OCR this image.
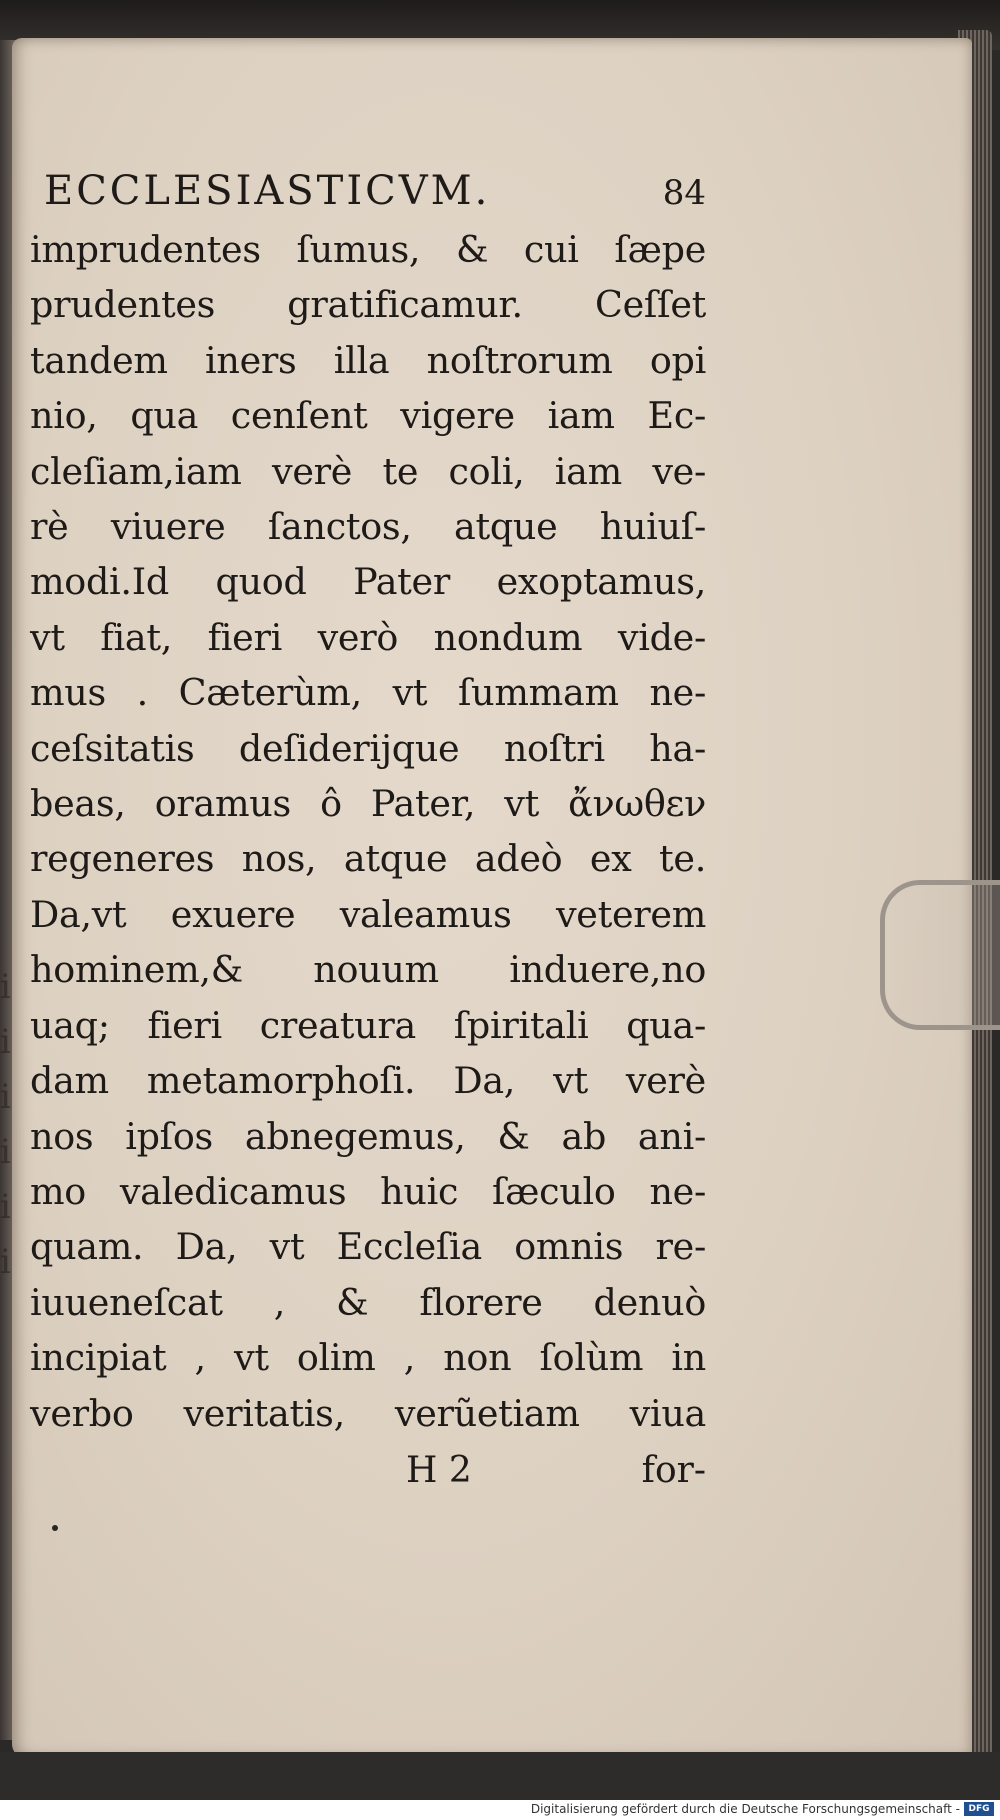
i
i
i
i
i
i
ECCLESIASTICVM.	84
imprudentes ſumus, & cui ſæpe
prudentes gratificamur. Ceſſet
tandem iners illa noſtrorum opi
nio, qua cenſent vigere iam Ec-
cleſiam,iam verè te coli, iam ve-
rè viuere ſanctos, atque huiuſ-
modi.Id quod Pater exoptamus,
vt fiat, fieri verò nondum vide-
mus . Cæterùm, vt ſummam ne-
ceſsitatis deſiderijque noſtri ha-
beas, oramus ô Pater, vt ἄνωθεν
regeneres nos, atque adeò ex te.
Da,vt exuere valeamus veterem
hominem,& nouum induere,no
uaq; fieri creatura ſpiritali qua-
dam metamorphoſi. Da, vt verè
nos ipſos abnegemus, & ab ani-
mo valedicamus huic ſæculo ne-
quam. Da, vt Eccleſia omnis re-
iuueneſcat , & florere denuò
incipiat , vt olim , non ſolùm in
verbo veritatis, verũetiam viua
H 2	for-
Digitalisierung gefördert durch die Deutsche Forschungsgemeinschaft - DFG
